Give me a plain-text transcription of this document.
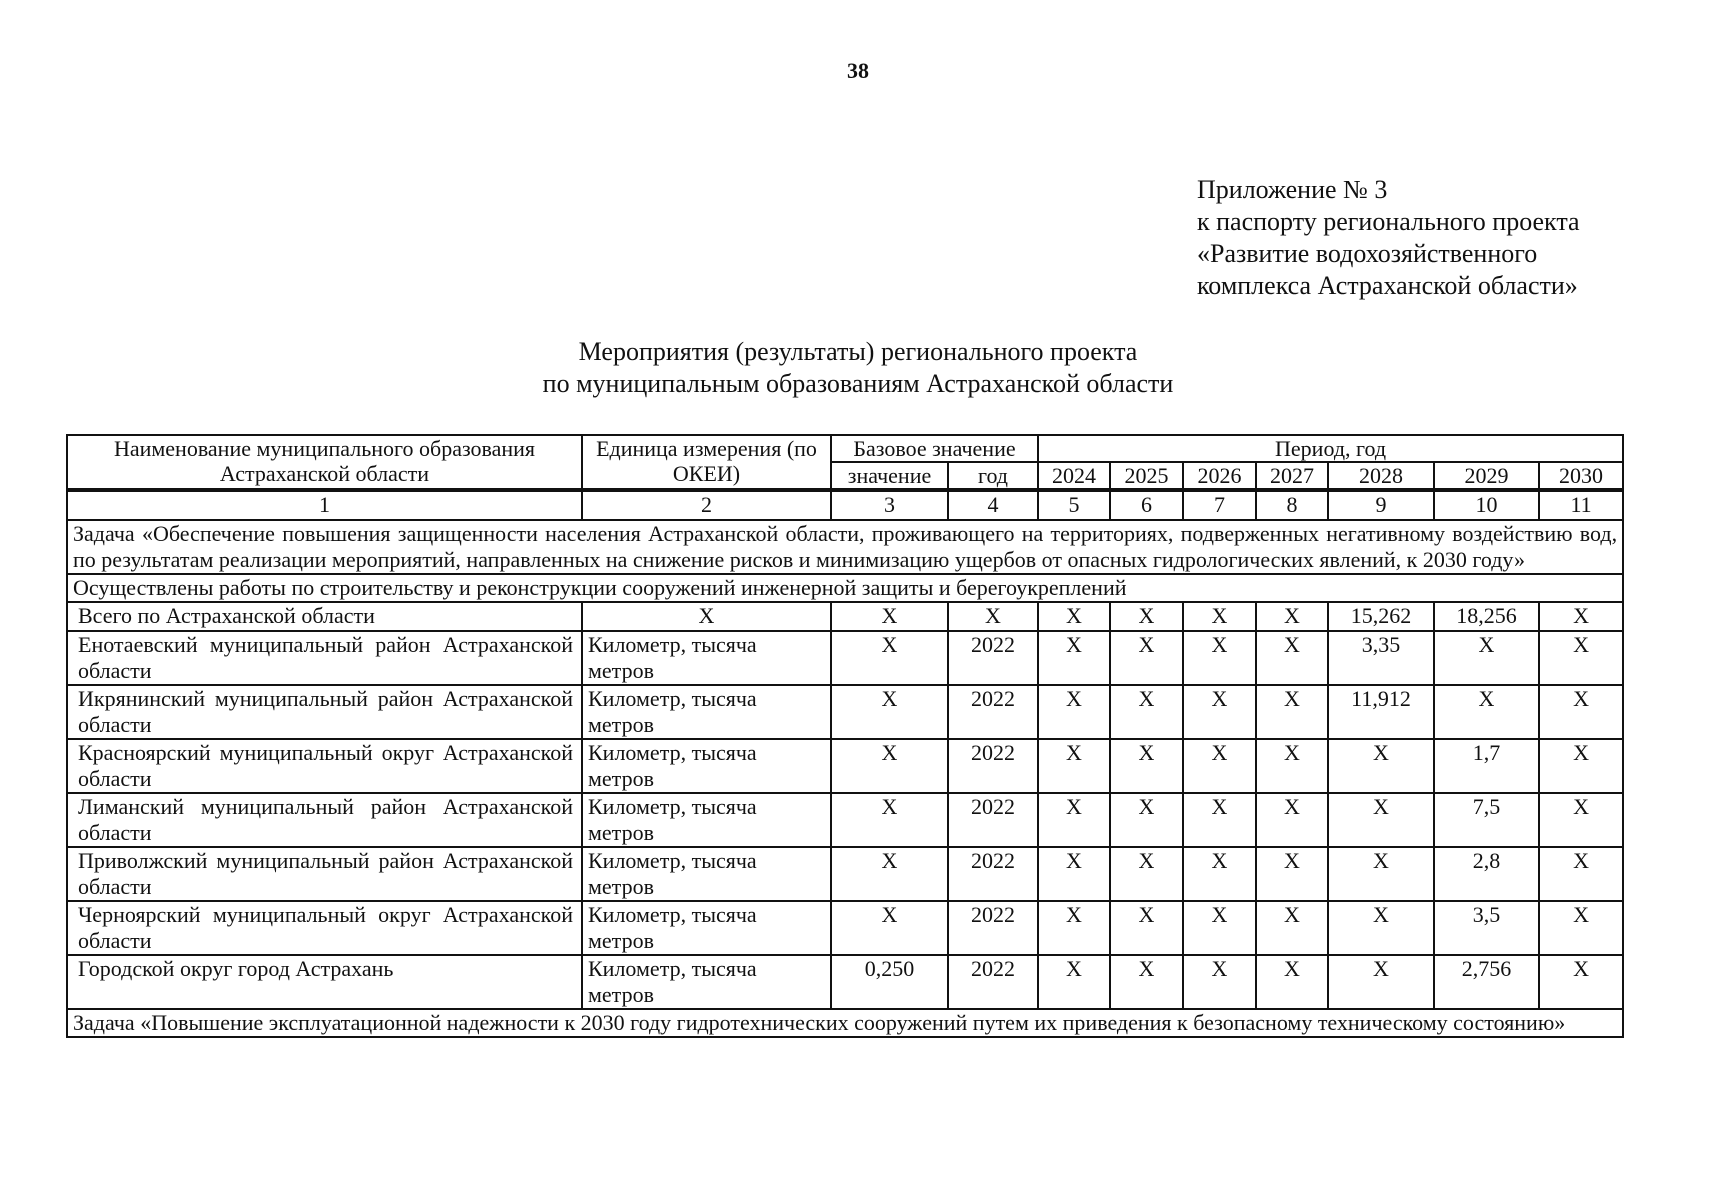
38
Приложение № 3
к паспорту регионального проекта
«Развитие водохозяйственного
комплекса Астраханской области»
Мероприятия (результаты) регионального проекта
по муниципальным образованиям Астраханской области
Наименование муниципального образования Астраханской области	Единица измерения (по ОКЕИ)	Базовое значение		Период, год						
		значение	год	2024	2025	2026	2027	2028	2029	2030
1	2	3	4	5	6	7	8	9	10	11
Задача «Обеспечение повышения защищенности населения Астраханской области, проживающего на территориях, подверженных негативному воздействию вод, по результатам реализации мероприятий, направленных на снижение рисков и минимизацию ущербов от опасных гидрологических явлений, к 2030 году»										
Осуществлены работы по строительству и реконструкции сооружений инженерной защиты и берегоукреплений										
Всего по Астраханской области	X	X	X	X	X	X	X	15,262	18,256	X
Енотаевский муниципальный район Астраханской области	Километр, тысяча метров	X	2022	X	X	X	X	3,35	X	X
Икрянинский муниципальный район Астраханской области	Километр, тысяча метров	X	2022	X	X	X	X	11,912	X	X
Красноярский муниципальный округ Астраханской области	Километр, тысяча метров	X	2022	X	X	X	X	X	1,7	X
Лиманский муниципальный район Астраханской области	Километр, тысяча метров	X	2022	X	X	X	X	X	7,5	X
Приволжский муниципальный район Астраханской области	Километр, тысяча метров	X	2022	X	X	X	X	X	2,8	X
Черноярский муниципальный округ Астраханской области	Километр, тысяча метров	X	2022	X	X	X	X	X	3,5	X
Городской округ город Астрахань	Километр, тысяча метров	0,250	2022	X	X	X	X	X	2,756	X
Задача «Повышение эксплуатационной надежности к 2030 году гидротехнических сооружений путем их приведения к безопасному техническому состоянию»										
